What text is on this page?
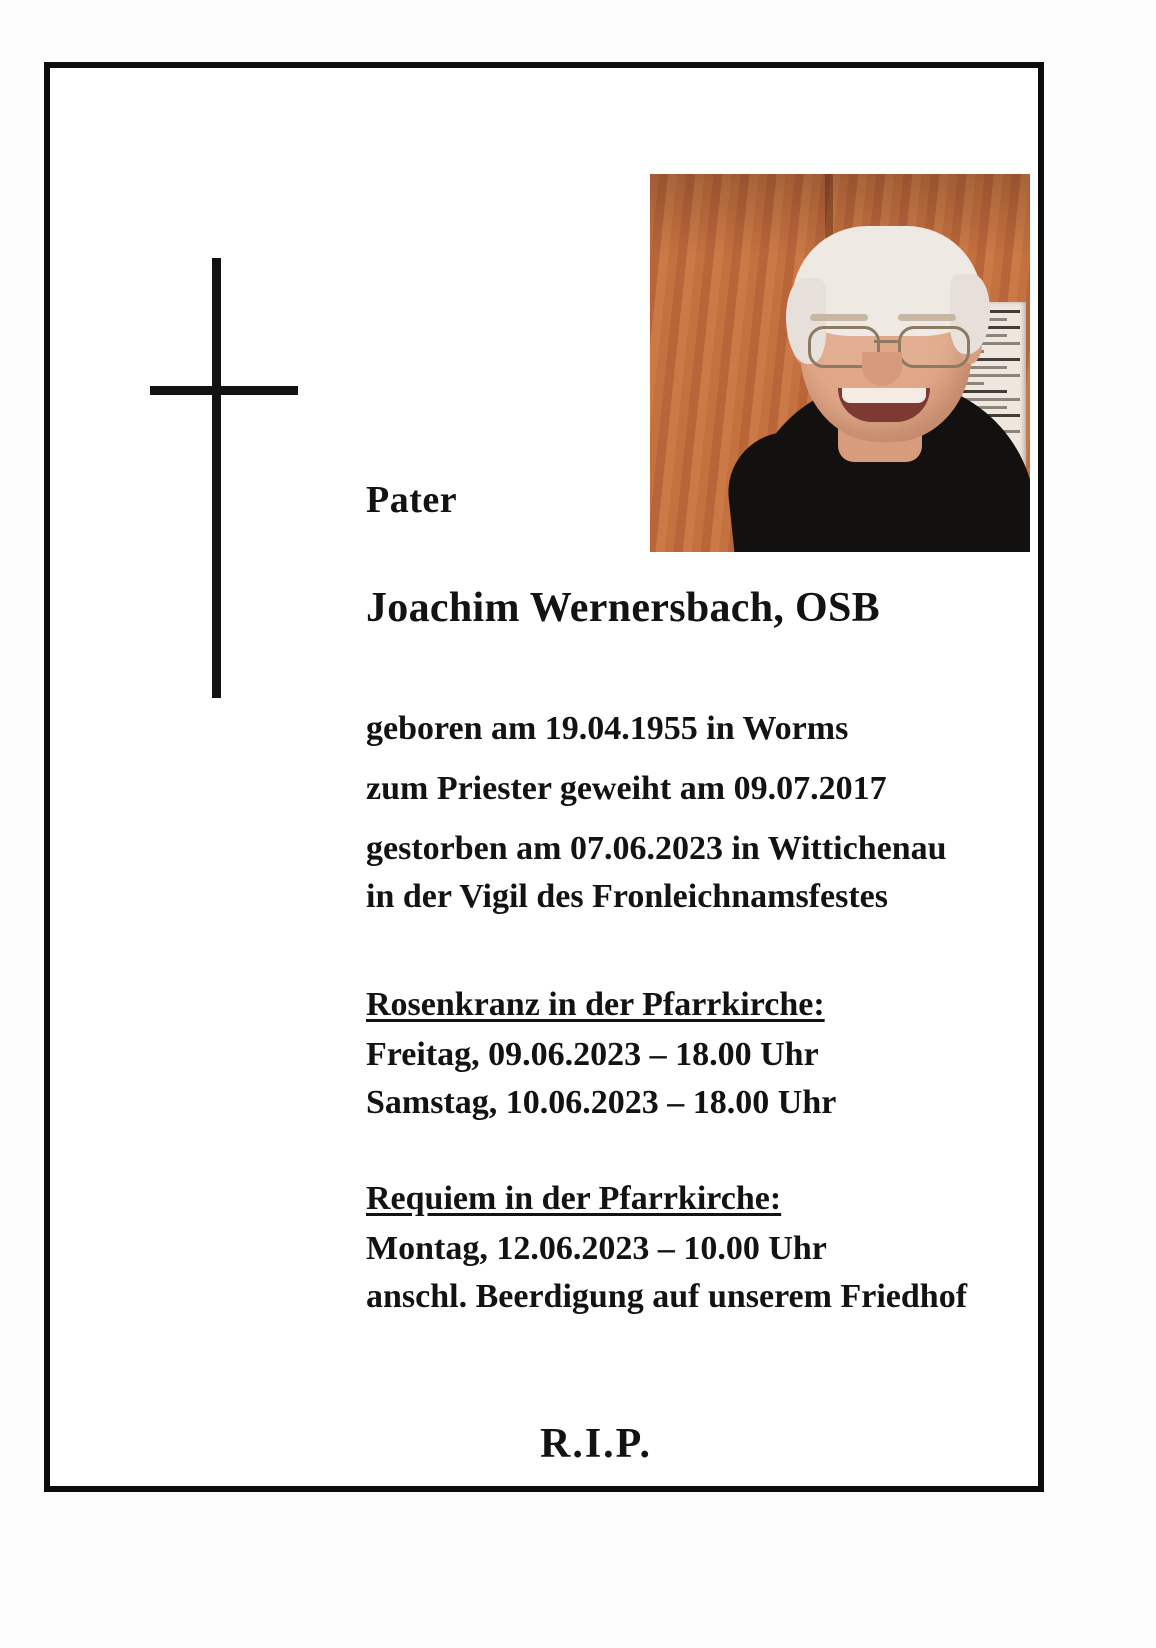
Pater
Joachim Wernersbach, OSB
geboren am 19.04.1955 in Worms
zum Priester geweiht am 09.07.2017
gestorben am 07.06.2023 in Wittichenau
in der Vigil des Fronleichnamsfestes
Rosenkranz in der Pfarrkirche:
Freitag, 09.06.2023 – 18.00 Uhr
Samstag, 10.06.2023 – 18.00 Uhr
Requiem in der Pfarrkirche:
Montag, 12.06.2023 – 10.00 Uhr
anschl. Beerdigung auf unserem Friedhof
R.I.P.
